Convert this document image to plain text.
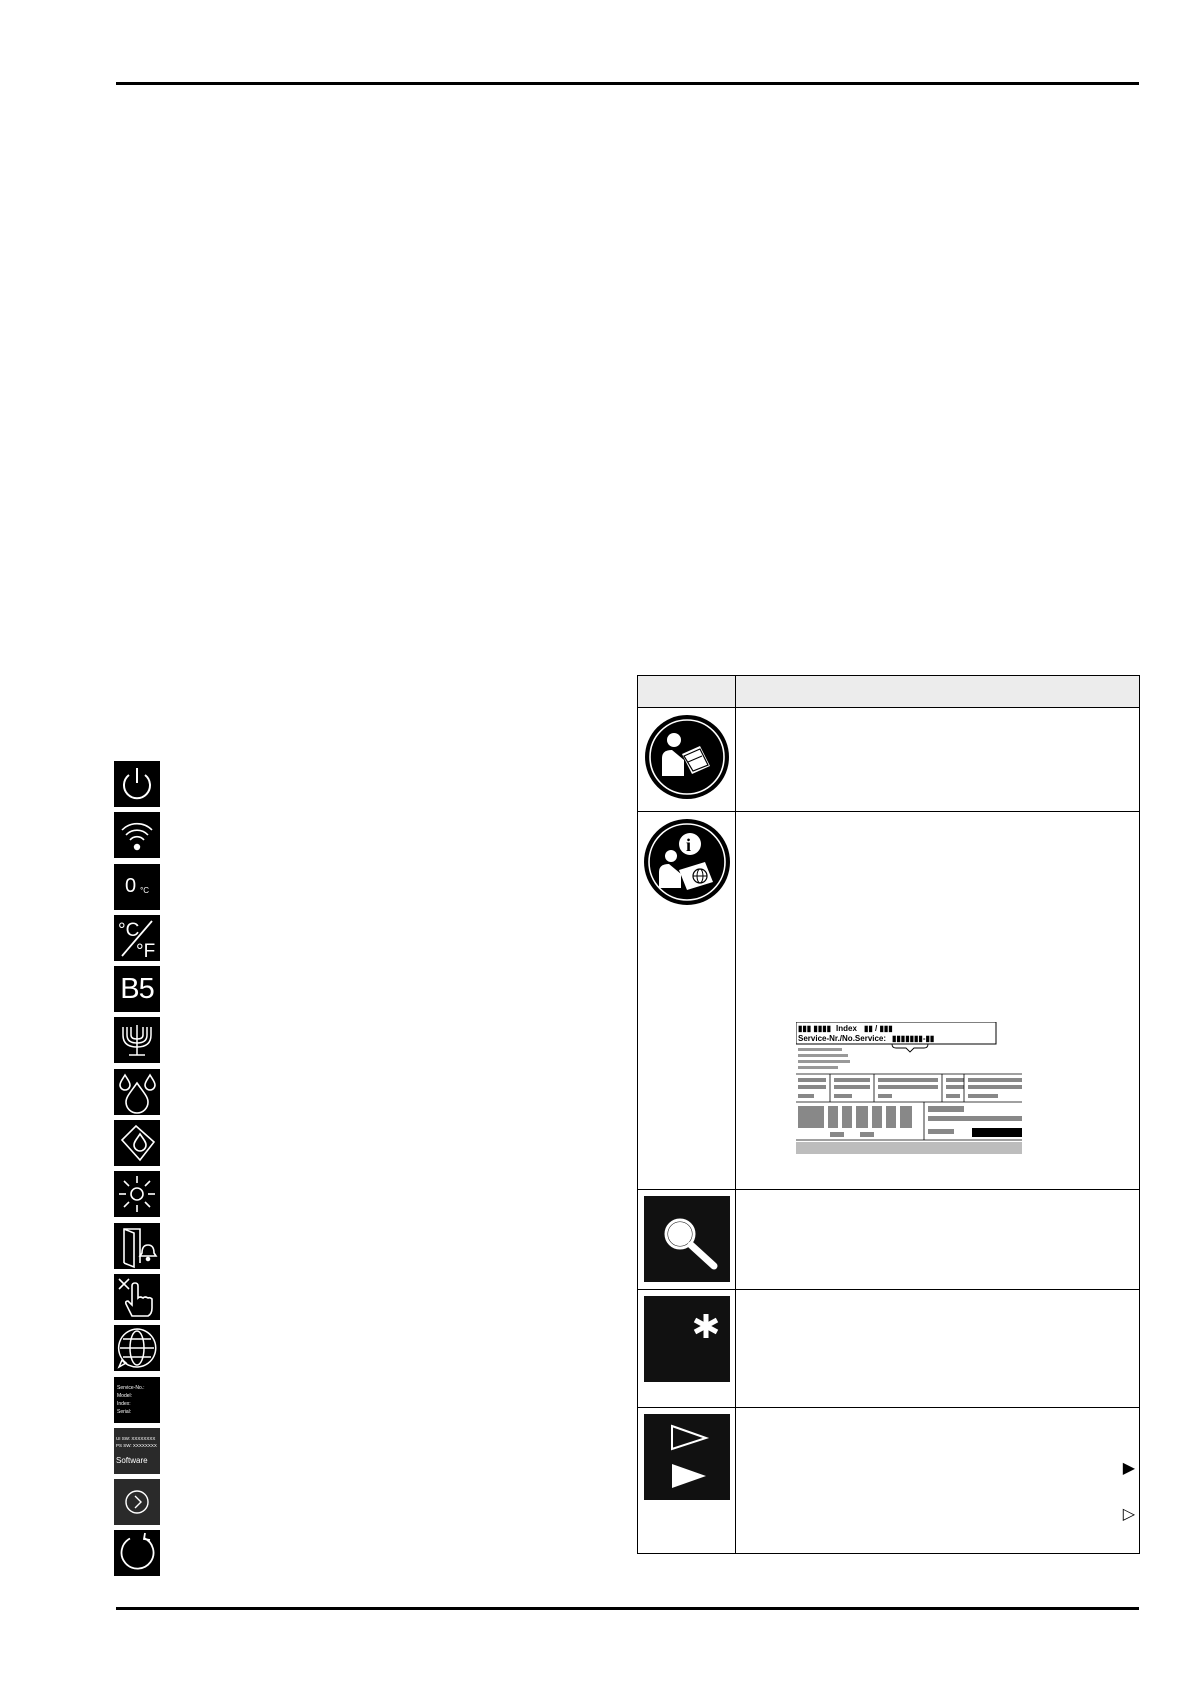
0 °C
°C
°F
B5
Service-No.:
Model:
Index:
Serial:
UI SW: XXXXXXXX
PS SW: XXXXXXXX
Software

i	▮▮▮ ▮▮▮▮ Index ▮▮ / ▮▮▮
Service-Nr./No.Service: ▮▮▮▮▮▮▮-▮▮

▶
▷
